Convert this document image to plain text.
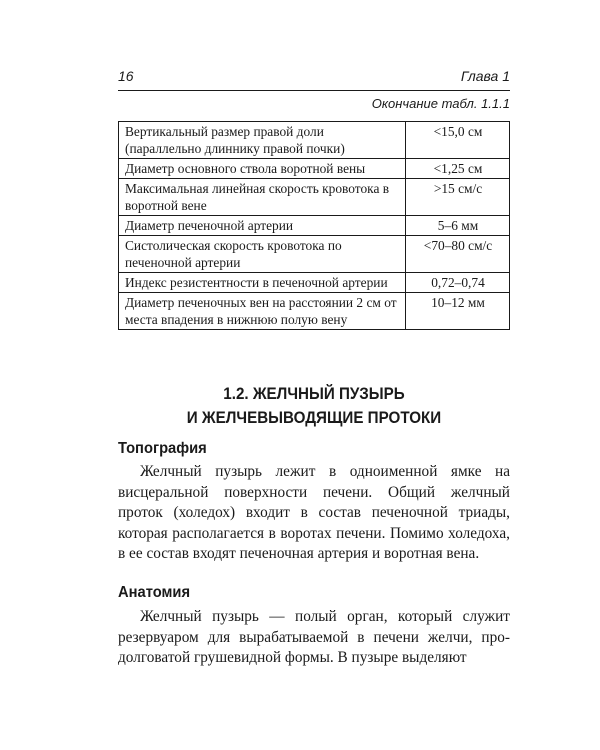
16	Глава 1
Окончание табл. 1.1.1
Вертикальный размер правой доли (параллельно длиннику правой почки)	<15,0 см
Диаметр основного ствола воротной вены	<1,25 см
Максимальная линейная скорость кровотока в воротной вене	>15 см/с
Диаметр печеночной артерии	5–6 мм
Систолическая скорость кровотока по печеночной артерии	<70–80 см/с
Индекс резистентности в печеночной артерии	0,72–0,74
Диаметр печеночных вен на расстоянии 2 см от места впадения в нижнюю полую вену	10–12 мм
1.2. ЖЕЛЧНЫЙ ПУЗЫРЬ
И ЖЕЛЧЕВЫВОДЯЩИЕ ПРОТОКИ
Топография

Желчный пузырь лежит в одноименной ямке на висцеральной поверхности печени. Общий желчный проток (холедох) входит в состав печеночной триады, которая располагается в воротах печени. Помимо холедоха, в ее состав входят печеночная артерия и воротная вена.

Анатомия

Желчный пузырь — полый орган, который служит резервуаром для вырабатываемой в печени желчи, продолговатой грушевидной формы. В пузыре выделяют
